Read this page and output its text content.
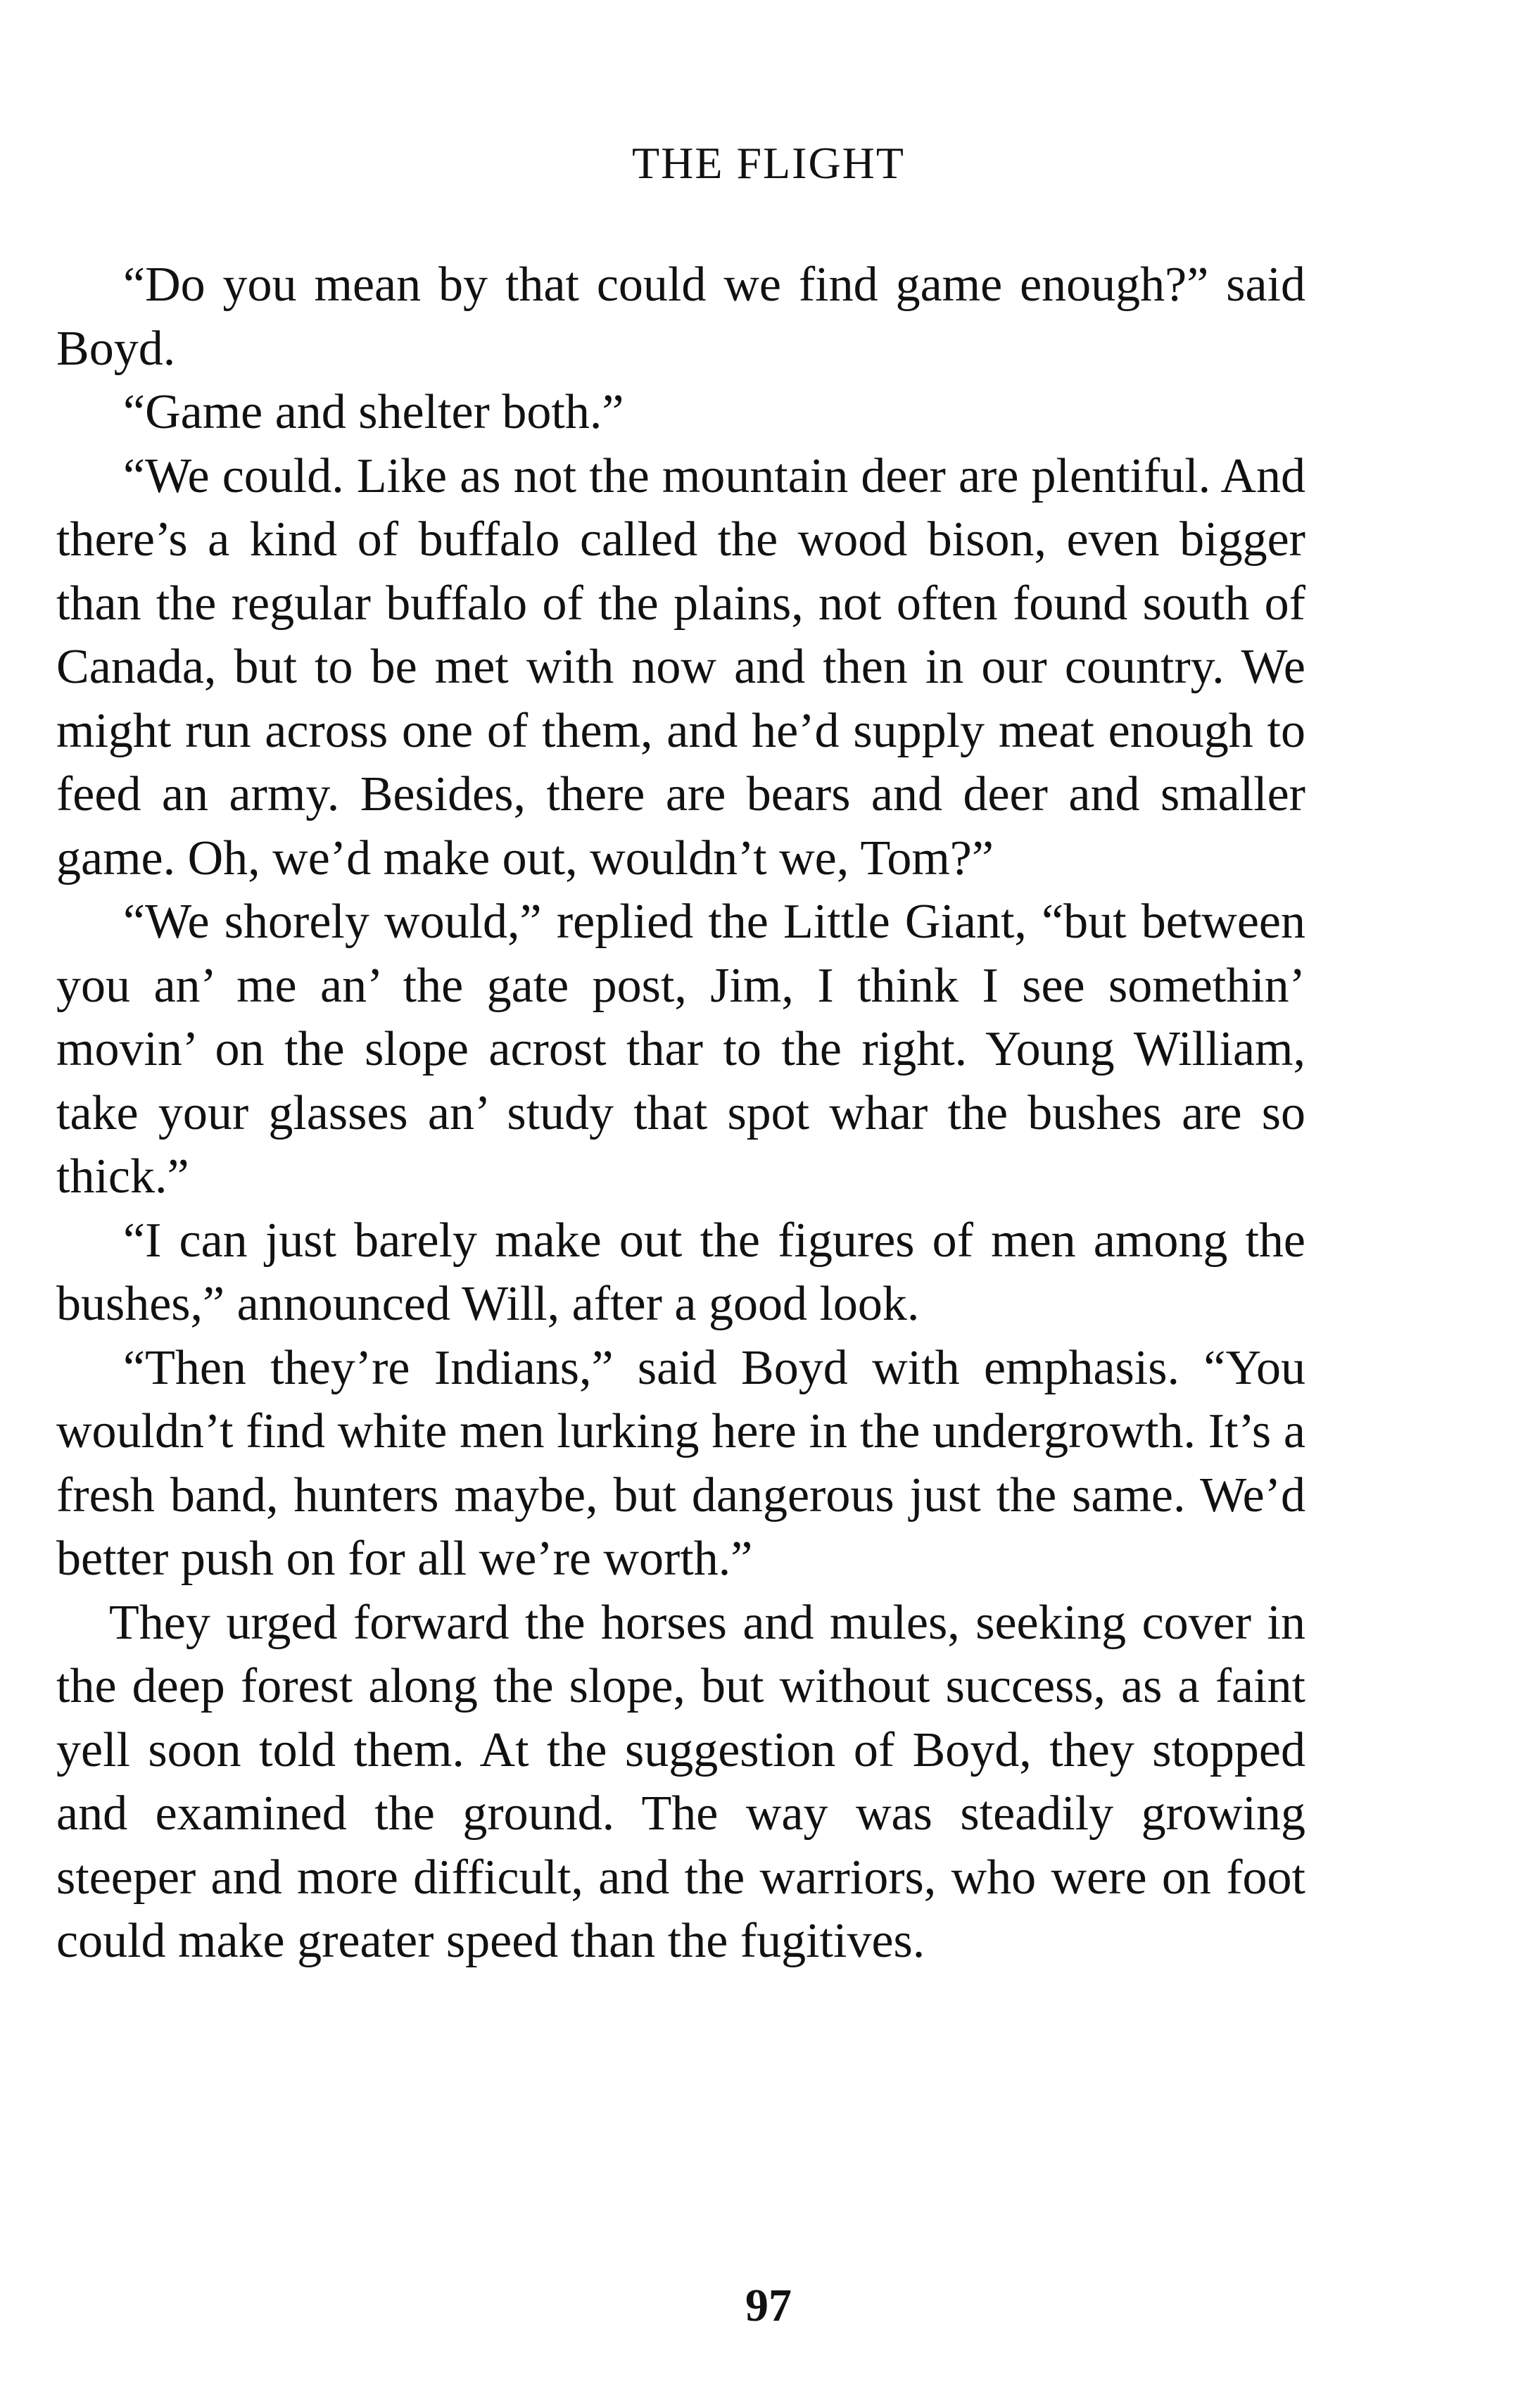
THE FLIGHT

“Do you mean by that could we find game enough?” said Boyd.

“Game and shelter both.”

“We could. Like as not the mountain deer are plentiful. And there’s a kind of buffalo called the wood bison, even bigger than the regular buffalo of the plains, not often found south of Canada, but to be met with now and then in our country. We might run across one of them, and he’d supply meat enough to feed an army. Besides, there are bears and deer and smaller game. Oh, we’d make out, wouldn’t we, Tom?”

“We shorely would,” replied the Little Giant, “but between you an’ me an’ the gate post, Jim, I think I see somethin’ movin’ on the slope acrost thar to the right. Young William, take your glasses an’ study that spot whar the bushes are so thick.”

“I can just barely make out the figures of men among the bushes,” announced Will, after a good look.

“Then they’re Indians,” said Boyd with emphasis. “You wouldn’t find white men lurking here in the undergrowth. It’s a fresh band, hunters maybe, but dangerous just the same. We’d better push on for all we’re worth.”

They urged forward the horses and mules, seeking cover in the deep forest along the slope, but without success, as a faint yell soon told them. At the suggestion of Boyd, they stopped and examined the ground. The way was steadily growing steeper and more difficult, and the warriors, who were on foot could make greater speed than the fugitives.

97
